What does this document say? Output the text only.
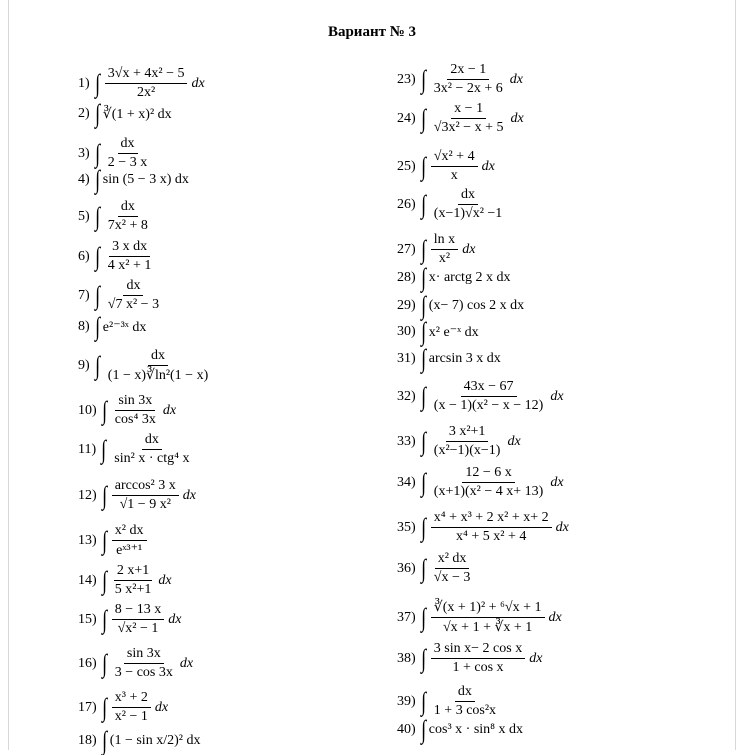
Вариант № 3
1) ∫ $\frac{\text{3√x + 4x² − 5}}{\text{2x²}}$ dx
2) ∫ ∛(1 + x)² dx
3) ∫ $\frac{dx}{2 - 3 x}$
4) ∫ sin (5 − 3 x) dx
5) ∫ $\frac{dx}{\text{7x² + 8}}$
6) ∫ $\frac{\text{3 x dx}}{\text{4 x² + 1}}$
7) ∫ $\frac{dx}{\text{√7 x² − 3}}$
8) ∫ e²⁻³ˣ dx
9) ∫ $\frac{dx}{\text{(1 − x)∛ln²(1 − x)}}$
10) ∫ $\frac{\sin 3x}{\text{cos⁴ 3x}}$ dx
11) ∫ $\frac{dx}{\text{sin² x · ctg⁴ x}}$
12) ∫ $\frac{\text{arccos² 3 x}}{\text{√1 − 9 x²}}$ dx
13) ∫ $\frac{\text{x² dx}}{\text{eˣ³⁺¹}}$
14) ∫ $\frac{2 x+1}{\text{5 x²+1}}$ dx
15) ∫ $\frac{8 - 13 x}{\text{√x² − 1}}$ dx
16) ∫ $\frac{\sin 3x}{3 - \cos 3x}$ dx
17) ∫ $\frac{\text{x³ + 2}}{\text{x² − 1}}$ dx
18) ∫ (1 − sin x/2)² dx
23) ∫ $\frac{2x - 1}{\text{3x² − 2x + 6}}$ dx
24) ∫ $\frac{x - 1}{\text{√3x² − x + 5}}$ dx
25) ∫ $\frac{\text{√x² + 4}}{x}$ dx
26) ∫ $\frac{dx}{\text{(x−1)√x² −1}}$
27) ∫ $\frac{\text{ln x}}{\text{x²}}$ dx
28) ∫ x· arctg 2 x dx
29) ∫ (x− 7) cos 2 x dx
30) ∫ x² e⁻ˣ dx
31) ∫ arcsin 3 x dx
32) ∫ $\frac{43x - 67}{\text{(x − 1)(x² − x − 12)}}$ dx
33) ∫ $\frac{\text{3 x²+1}}{\text{(x²−1)(x−1)}}$ dx
34) ∫ $\frac{12 - 6 x}{\text{(x+1)(x² − 4 x+ 13)}}$ dx
35) ∫ $\frac{\text{x⁴ + x³ + 2 x² + x+ 2}}{\text{x⁴ + 5 x² + 4}}$ dx
36) ∫ $\frac{\text{x² dx}}{√x - 3}$
37) ∫ $\frac{\text{∛(x + 1)² + ⁶√x + 1}}{√x + 1 + ∛x + 1}$ dx
38) ∫ $\frac{\text{3 sin x− 2 cos x}}{\text{1 + cos x}}$ dx
39) ∫ $\frac{dx}{\text{1 + 3 cos²x}}$
40) ∫ cos³ x · sin⁸ x dx
